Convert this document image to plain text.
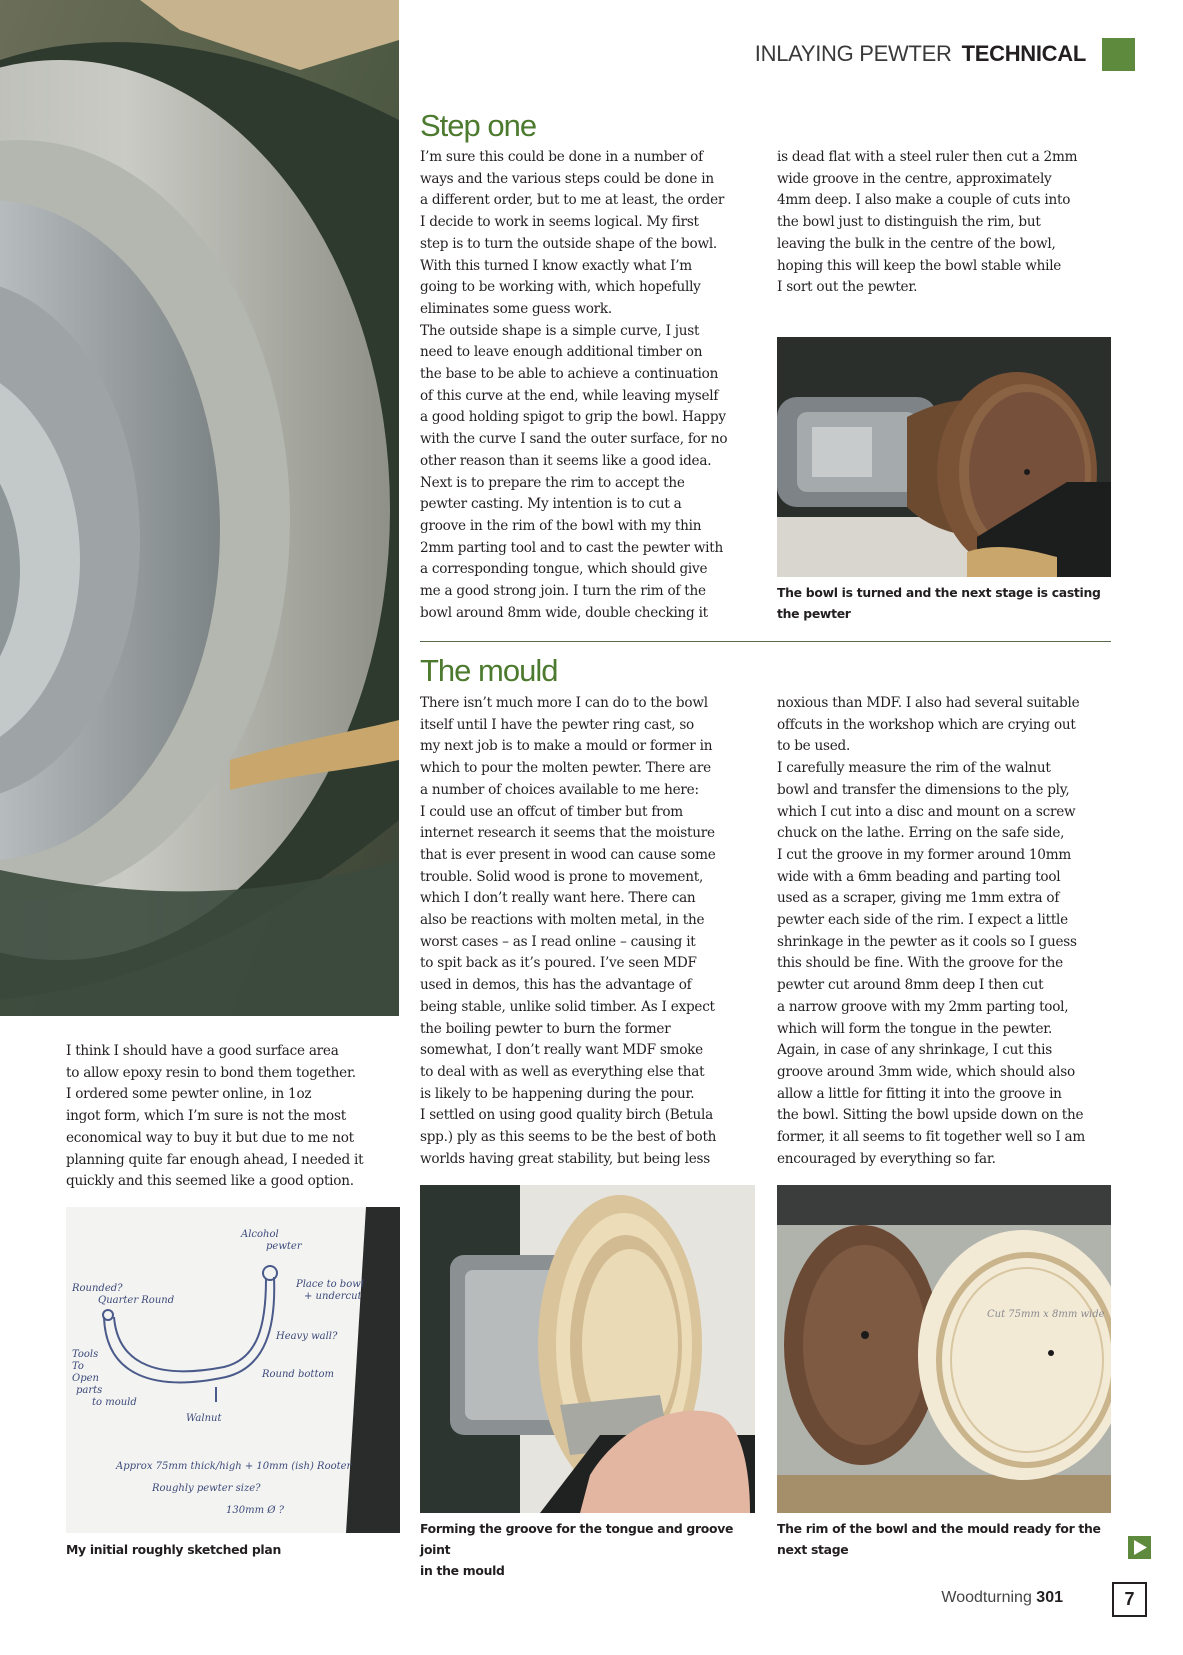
INLAYING PEWTER TECHNICAL
Step one
I’m sure this could be done in a number of
ways and the various steps could be done in
a different order, but to me at least, the order
I decide to work in seems logical. My first
step is to turn the outside shape of the bowl.
With this turned I know exactly what I’m
going to be working with, which hopefully
eliminates some guess work.
The outside shape is a simple curve, I just
need to leave enough additional timber on
the base to be able to achieve a continuation
of this curve at the end, while leaving myself
a good holding spigot to grip the bowl. Happy
with the curve I sand the outer surface, for no
other reason than it seems like a good idea.
Next is to prepare the rim to accept the
pewter casting. My intention is to cut a
groove in the rim of the bowl with my thin
2mm parting tool and to cast the pewter with
a corresponding tongue, which should give
me a good strong join. I turn the rim of the
bowl around 8mm wide, double checking it
is dead flat with a steel ruler then cut a 2mm
wide groove in the centre, approximately
4mm deep. I also make a couple of cuts into
the bowl just to distinguish the rim, but
leaving the bulk in the centre of the bowl,
hoping this will keep the bowl stable while
I sort out the pewter.
The bowl is turned and the next stage is casting
the pewter
The mould
There isn’t much more I can do to the bowl
itself until I have the pewter ring cast, so
my next job is to make a mould or former in
which to pour the molten pewter. There are
a number of choices available to me here:
I could use an offcut of timber but from
internet research it seems that the moisture
that is ever present in wood can cause some
trouble. Solid wood is prone to movement,
which I don’t really want here. There can
also be reactions with molten metal, in the
worst cases – as I read online – causing it
to spit back as it’s poured. I’ve seen MDF
used in demos, this has the advantage of
being stable, unlike solid timber. As I expect
the boiling pewter to burn the former
somewhat, I don’t really want MDF smoke
to deal with as well as everything else that
is likely to be happening during the pour.
I settled on using good quality birch (Betula
spp.) ply as this seems to be the best of both
worlds having great stability, but being less
noxious than MDF. I also had several suitable
offcuts in the workshop which are crying out
to be used.
I carefully measure the rim of the walnut
bowl and transfer the dimensions to the ply,
which I cut into a disc and mount on a screw
chuck on the lathe. Erring on the safe side,
I cut the groove in my former around 10mm
wide with a 6mm beading and parting tool
used as a scraper, giving me 1mm extra of
pewter each side of the rim. I expect a little
shrinkage in the pewter as it cools so I guess
this should be fine. With the groove for the
pewter cut around 8mm deep I then cut
a narrow groove with my 2mm parting tool,
which will form the tongue in the pewter.
Again, in case of any shrinkage, I cut this
groove around 3mm wide, which should also
allow a little for fitting it into the groove in
the bowl. Sitting the bowl upside down on the
former, it all seems to fit together well so I am
encouraged by everything so far.
I think I should have a good surface area
to allow epoxy resin to bond them together.
I ordered some pewter online, in 1oz
ingot form, which I’m sure is not the most
economical way to buy it but due to me not
planning quite far enough ahead, I needed it
quickly and this seemed like a good option.
Alcohol
pewter
Rounded?
Quarter Round
Place to bowl
+ undercut
Heavy wall?
Tools
To
Open
parts
to mould
Round bottom
Walnut
Approx 75mm thick/high + 10mm (ish) Rooter
Roughly pewter size?
130mm Ø ?
My initial roughly sketched plan
Forming the groove for the tongue and groove joint
in the mould
Cut 75mm x 8mm wide
The rim of the bowl and the mould ready for the
next stage
Woodturning 301	7
